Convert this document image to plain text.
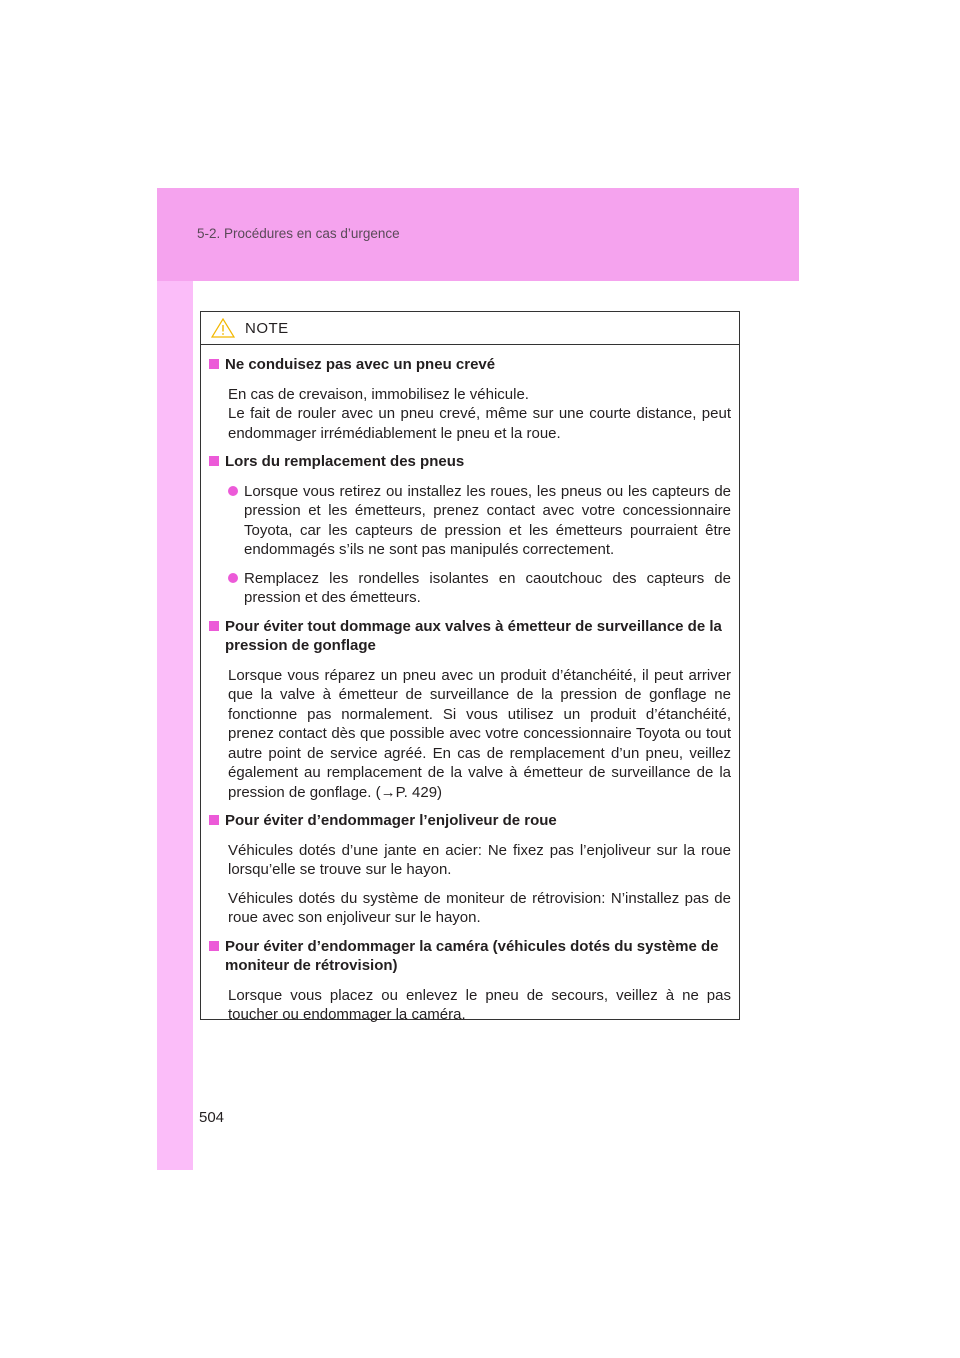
5-2. Procédures en cas d’urgence
NOTE
Ne conduisez pas avec un pneu crevé
En cas de crevaison, immobilisez le véhicule.
Le fait de rouler avec un pneu crevé, même sur une courte distance, peut endommager irrémédiablement le pneu et la roue.
Lors du remplacement des pneus
Lorsque vous retirez ou installez les roues, les pneus ou les capteurs de pression et les émetteurs, prenez contact avec votre concessionnaire Toyota, car les capteurs de pression et les émetteurs pourraient être endommagés s’ils ne sont pas manipulés correctement.
Remplacez les rondelles isolantes en caoutchouc des capteurs de pression et des émetteurs.
Pour éviter tout dommage aux valves à émetteur de surveillance de la pression de gonflage
Lorsque vous réparez un pneu avec un produit d’étanchéité, il peut arriver que la valve à émetteur de surveillance de la pression de gonflage ne fonctionne pas normalement. Si vous utilisez un produit d’étanchéité, prenez contact dès que possible avec votre concessionnaire Toyota ou tout autre point de service agréé. En cas de remplacement d’un pneu, veillez également au remplacement de la valve à émetteur de surveillance de la pression de gonflage. (→P. 429)
Pour éviter d’endommager l’enjoliveur de roue
Véhicules dotés d’une jante en acier: Ne fixez pas l’enjoliveur sur la roue lorsqu’elle se trouve sur le hayon.
Véhicules dotés du système de moniteur de rétrovision: N’installez pas de roue avec son enjoliveur sur le hayon.
Pour éviter d’endommager la caméra (véhicules dotés du système de moniteur de rétrovision)
Lorsque vous placez ou enlevez le pneu de secours, veillez à ne pas toucher ou endommager la caméra.
504
